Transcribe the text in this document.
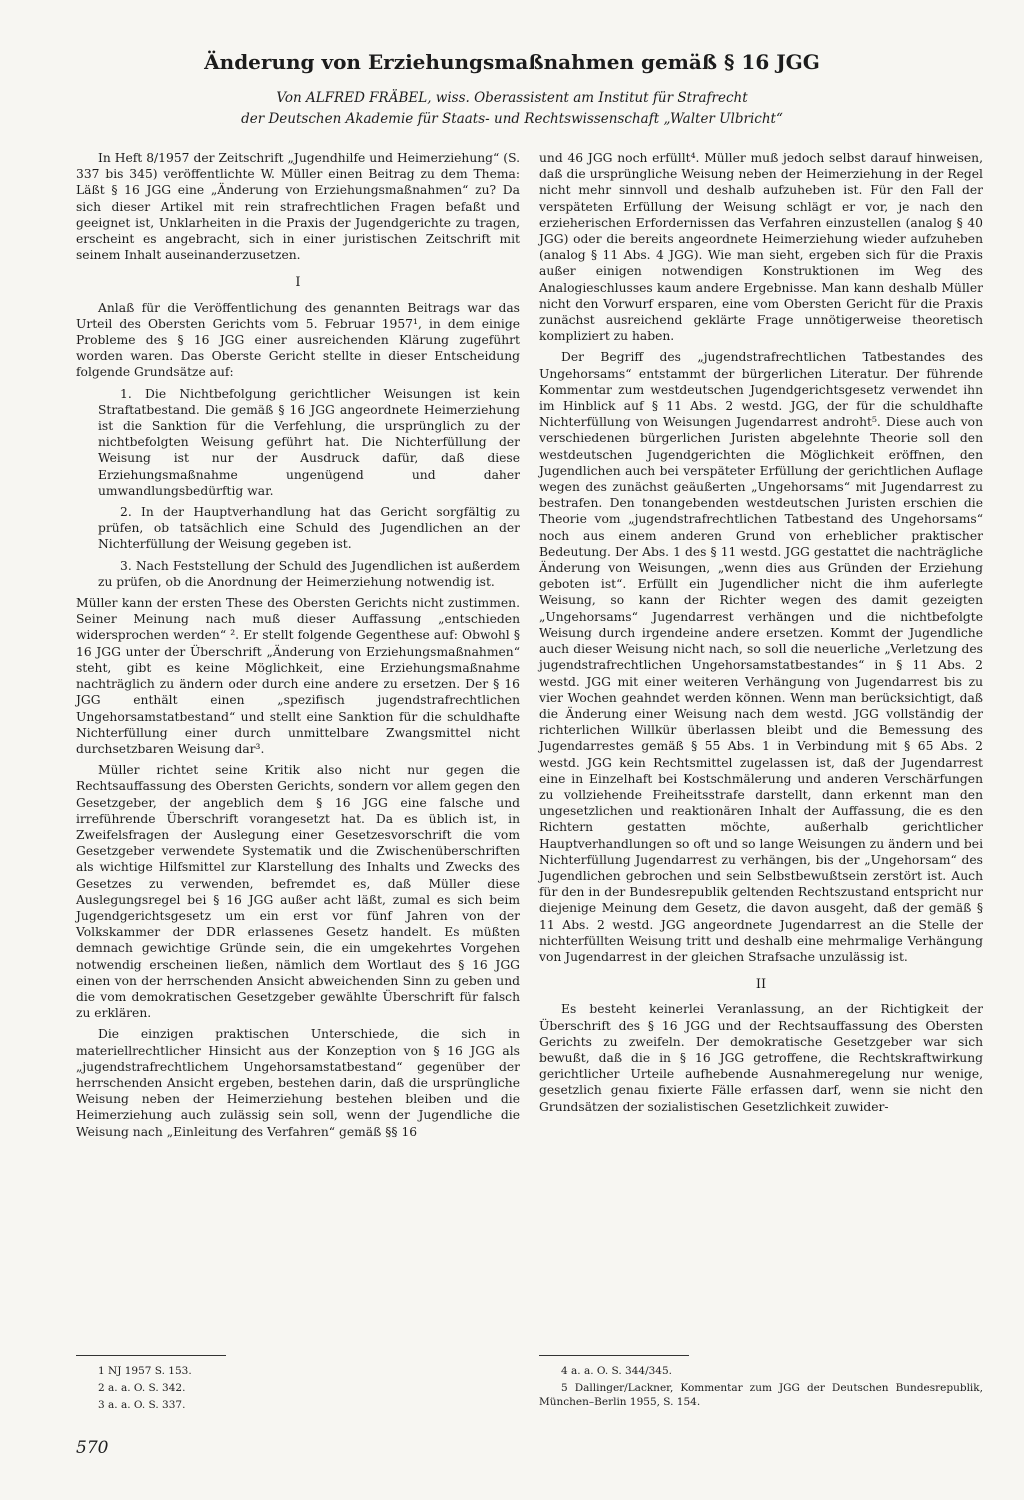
Änderung von Erziehungsmaßnahmen gemäß § 16 JGG
Von ALFRED FRÄBEL, wiss. Oberassistent am Institut für Strafrecht
der Deutschen Akademie für Staats- und Rechtswissenschaft „Walter Ulbricht“

In Heft 8/1957 der Zeitschrift „Jugendhilfe und Heimerziehung“ (S. 337 bis 345) veröffentlichte W. Müller einen Beitrag zu dem Thema: Läßt § 16 JGG eine „Änderung von Erziehungsmaßnahmen“ zu? Da sich dieser Artikel mit rein strafrechtlichen Fragen befaßt und geeignet ist, Unklarheiten in die Praxis der Jugendgerichte zu tragen, erscheint es angebracht, sich in einer juristischen Zeitschrift mit seinem Inhalt auseinanderzusetzen.

I

Anlaß für die Veröffentlichung des genannten Beitrags war das Urteil des Obersten Gerichts vom 5. Februar 1957¹, in dem einige Probleme des § 16 JGG einer ausreichenden Klärung zugeführt worden waren. Das Oberste Gericht stellte in dieser Entscheidung folgende Grundsätze auf:

1. Die Nichtbefolgung gerichtlicher Weisungen ist kein Straftatbestand. Die gemäß § 16 JGG angeordnete Heimerziehung ist die Sanktion für die Verfehlung, die ursprünglich zu der nichtbefolgten Weisung geführt hat. Die Nichterfüllung der Weisung ist nur der Ausdruck dafür, daß diese Erziehungsmaßnahme ungenügend und daher umwandlungsbedürftig war.

2. In der Hauptverhandlung hat das Gericht sorgfältig zu prüfen, ob tatsächlich eine Schuld des Jugendlichen an der Nichterfüllung der Weisung gegeben ist.

3. Nach Feststellung der Schuld des Jugendlichen ist außerdem zu prüfen, ob die Anordnung der Heimerziehung notwendig ist.

Müller kann der ersten These des Obersten Gerichts nicht zustimmen. Seiner Meinung nach muß dieser Auffassung „entschieden widersprochen werden“ ². Er stellt folgende Gegenthese auf: Obwohl § 16 JGG unter der Überschrift „Änderung von Erziehungsmaßnahmen“ steht, gibt es keine Möglichkeit, eine Erziehungsmaßnahme nachträglich zu ändern oder durch eine andere zu ersetzen. Der § 16 JGG enthält einen „spezifisch jugendstrafrechtlichen Ungehorsamstatbestand“ und stellt eine Sanktion für die schuldhafte Nichterfüllung einer durch unmittelbare Zwangsmittel nicht durchsetzbaren Weisung dar³.

Müller richtet seine Kritik also nicht nur gegen die Rechtsauffassung des Obersten Gerichts, sondern vor allem gegen den Gesetzgeber, der angeblich dem § 16 JGG eine falsche und irreführende Überschrift vorangesetzt hat. Da es üblich ist, in Zweifelsfragen der Auslegung einer Gesetzesvorschrift die vom Gesetzgeber verwendete Systematik und die Zwischenüberschriften als wichtige Hilfsmittel zur Klarstellung des Inhalts und Zwecks des Gesetzes zu verwenden, befremdet es, daß Müller diese Auslegungsregel bei § 16 JGG außer acht läßt, zumal es sich beim Jugendgerichtsgesetz um ein erst vor fünf Jahren von der Volkskammer der DDR erlassenes Gesetz handelt. Es müßten demnach gewichtige Gründe sein, die ein umgekehrtes Vorgehen notwendig erscheinen ließen, nämlich dem Wortlaut des § 16 JGG einen von der herrschenden Ansicht abweichenden Sinn zu geben und die vom demokratischen Gesetzgeber gewählte Überschrift für falsch zu erklären.

Die einzigen praktischen Unterschiede, die sich in materiellrechtlicher Hinsicht aus der Konzeption von § 16 JGG als „jugendstrafrechtlichem Ungehorsamstatbestand“ gegenüber der herrschenden Ansicht ergeben, bestehen darin, daß die ursprüngliche Weisung neben der Heimerziehung bestehen bleiben und die Heimerziehung auch zulässig sein soll, wenn der Jugendliche die Weisung nach „Einleitung des Verfahren“ gemäß §§ 16

und 46 JGG noch erfüllt⁴. Müller muß jedoch selbst darauf hinweisen, daß die ursprüngliche Weisung neben der Heimerziehung in der Regel nicht mehr sinnvoll und deshalb aufzuheben ist. Für den Fall der verspäteten Erfüllung der Weisung schlägt er vor, je nach den erzieherischen Erfordernissen das Verfahren einzustellen (analog § 40 JGG) oder die bereits angeordnete Heimerziehung wieder aufzuheben (analog § 11 Abs. 4 JGG). Wie man sieht, ergeben sich für die Praxis außer einigen notwendigen Konstruktionen im Weg des Analogieschlusses kaum andere Ergebnisse. Man kann deshalb Müller nicht den Vorwurf ersparen, eine vom Obersten Gericht für die Praxis zunächst ausreichend geklärte Frage unnötigerweise theoretisch kompliziert zu haben.

Der Begriff des „jugendstrafrechtlichen Tatbestandes des Ungehorsams“ entstammt der bürgerlichen Literatur. Der führende Kommentar zum westdeutschen Jugendgerichtsgesetz verwendet ihn im Hinblick auf § 11 Abs. 2 westd. JGG, der für die schuldhafte Nichterfüllung von Weisungen Jugendarrest androht⁵. Diese auch von verschiedenen bürgerlichen Juristen abgelehnte Theorie soll den westdeutschen Jugendgerichten die Möglichkeit eröffnen, den Jugendlichen auch bei verspäteter Erfüllung der gerichtlichen Auflage wegen des zunächst geäußerten „Ungehorsams“ mit Jugendarrest zu bestrafen. Den tonangebenden westdeutschen Juristen erschien die Theorie vom „jugendstrafrechtlichen Tatbestand des Ungehorsams“ noch aus einem anderen Grund von erheblicher praktischer Bedeutung. Der Abs. 1 des § 11 westd. JGG gestattet die nachträgliche Änderung von Weisungen, „wenn dies aus Gründen der Erziehung geboten ist“. Erfüllt ein Jugendlicher nicht die ihm auferlegte Weisung, so kann der Richter wegen des damit gezeigten „Ungehorsams“ Jugendarrest verhängen und die nichtbefolgte Weisung durch irgendeine andere ersetzen. Kommt der Jugendliche auch dieser Weisung nicht nach, so soll die neuerliche „Verletzung des jugendstrafrechtlichen Ungehorsamstatbestandes“ in § 11 Abs. 2 westd. JGG mit einer weiteren Verhängung von Jugendarrest bis zu vier Wochen geahndet werden können. Wenn man berücksichtigt, daß die Änderung einer Weisung nach dem westd. JGG vollständig der richterlichen Willkür überlassen bleibt und die Bemessung des Jugendarrestes gemäß § 55 Abs. 1 in Verbindung mit § 65 Abs. 2 westd. JGG kein Rechtsmittel zugelassen ist, daß der Jugendarrest eine in Einzelhaft bei Kostschmälerung und anderen Verschärfungen zu vollziehende Freiheitsstrafe darstellt, dann erkennt man den ungesetzlichen und reaktionären Inhalt der Auffassung, die es den Richtern gestatten möchte, außerhalb gerichtlicher Hauptverhandlungen so oft und so lange Weisungen zu ändern und bei Nichterfüllung Jugendarrest zu verhängen, bis der „Ungehorsam“ des Jugendlichen gebrochen und sein Selbstbewußtsein zerstört ist. Auch für den in der Bundesrepublik geltenden Rechtszustand entspricht nur diejenige Meinung dem Gesetz, die davon ausgeht, daß der gemäß § 11 Abs. 2 westd. JGG angeordnete Jugendarrest an die Stelle der nichterfüllten Weisung tritt und deshalb eine mehrmalige Verhängung von Jugendarrest in der gleichen Strafsache unzulässig ist.

II

Es besteht keinerlei Veranlassung, an der Richtigkeit der Überschrift des § 16 JGG und der Rechtsauffassung des Obersten Gerichts zu zweifeln. Der demokratische Gesetzgeber war sich bewußt, daß die in § 16 JGG getroffene, die Rechtskraftwirkung gerichtlicher Urteile aufhebende Ausnahmeregelung nur wenige, gesetzlich genau fixierte Fälle erfassen darf, wenn sie nicht den Grundsätzen der sozialistischen Gesetzlichkeit zuwider-

1 NJ 1957 S. 153.

2 a. a. O. S. 342.

3 a. a. O. S. 337.

4 a. a. O. S. 344/345.

5 Dallinger/Lackner, Kommentar zum JGG der Deutschen Bundesrepublik, München–Berlin 1955, S. 154.

570
